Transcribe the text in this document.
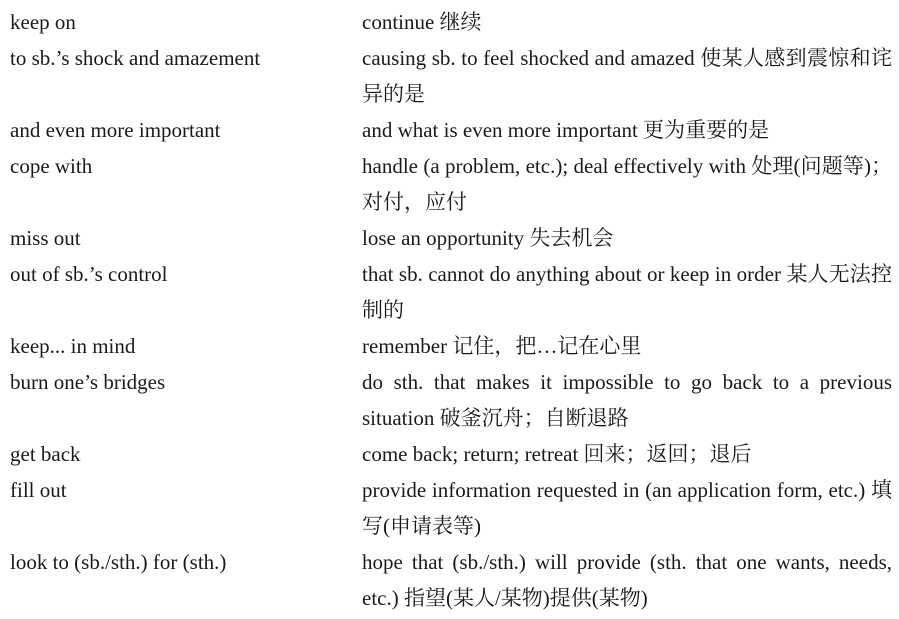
keep on	continue 继续
to sb.’s shock and amazement	causing sb. to feel shocked and amazed 使某人感到震惊和诧异的是
and even more important	and what is even more important 更为重要的是
cope with	handle (a problem, etc.); deal effectively with 处理(问题等)；对付，应付
miss out	lose an opportunity 失去机会
out of sb.’s control	that sb. cannot do anything about or keep in order 某人无法控制的
keep... in mind	remember 记住，把…记在心里
burn one’s bridges	do sth. that makes it impossible to go back to a previous situation 破釜沉舟；自断退路
get back	come back; return; retreat 回来；返回；退后
fill out	provide information requested in (an application form, etc.) 填写(申请表等)
look to (sb./sth.) for (sth.)	hope that (sb./sth.) will provide (sth. that one wants, needs, etc.) 指望(某人/某物)提供(某物)
